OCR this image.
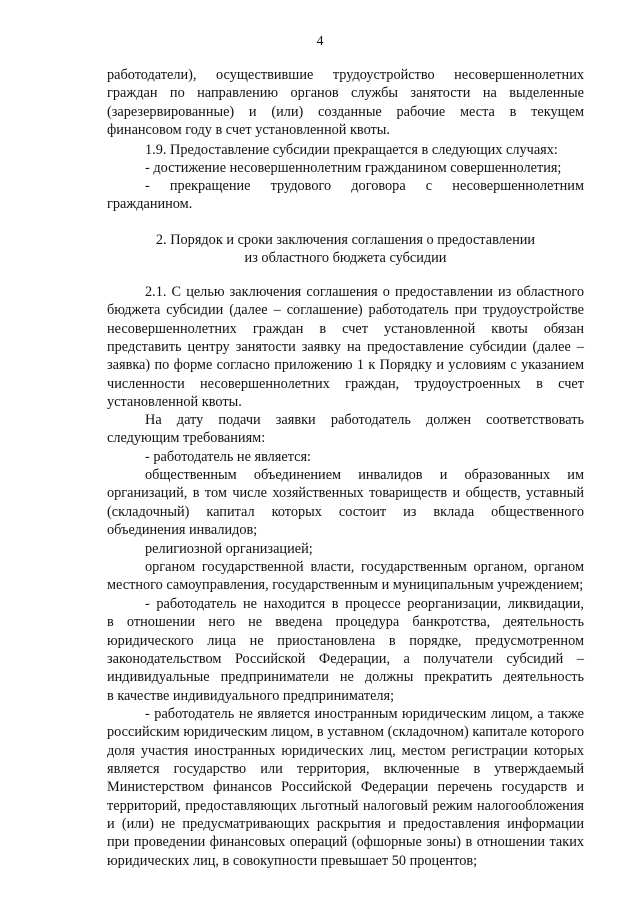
4
работодатели), осуществившие трудоустройство несовершеннолетних
граждан по направлению органов службы занятости на выделенные
(зарезервированные) и (или) созданные рабочие места в текущем
финансовом году в счет установленной квоты.
1.9. Предоставление субсидии прекращается в следующих случаях:
- достижение несовершеннолетним гражданином совершеннолетия;
- прекращение трудового договора с несовершеннолетним
гражданином.
2. Порядок и сроки заключения соглашения о предоставлении
из областного бюджета субсидии
2.1. С целью заключения соглашения о предоставлении из областного
бюджета субсидии (далее – соглашение) работодатель при трудоустройстве
несовершеннолетних граждан в счет установленной квоты обязан
представить центру занятости заявку на предоставление субсидии (далее –
заявка) по форме согласно приложению 1 к Порядку и условиям с указанием
численности несовершеннолетних граждан, трудоустроенных в счет
установленной квоты.
На дату подачи заявки работодатель должен соответствовать
следующим требованиям:
- работодатель не является:
общественным объединением инвалидов и образованных им
организаций, в том числе хозяйственных товариществ и обществ, уставный
(складочный) капитал которых состоит из вклада общественного
объединения инвалидов;
религиозной организацией;
органом государственной власти, государственным органом, органом
местного самоуправления, государственным и муниципальным учреждением;
- работодатель не находится в процессе реорганизации, ликвидации,
в отношении него не введена процедура банкротства, деятельность
юридического лица не приостановлена в порядке, предусмотренном
законодательством Российской Федерации, а получатели субсидий –
индивидуальные предприниматели не должны прекратить деятельность
в качестве индивидуального предпринимателя;
- работодатель не является иностранным юридическим лицом, а также
российским юридическим лицом, в уставном (складочном) капитале которого
доля участия иностранных юридических лиц, местом регистрации которых
является государство или территория, включенные в утверждаемый
Министерством финансов Российской Федерации перечень государств и
территорий, предоставляющих льготный налоговый режим налогообложения
и (или) не предусматривающих раскрытия и предоставления информации
при проведении финансовых операций (офшорные зоны) в отношении таких
юридических лиц, в совокупности превышает 50 процентов;
